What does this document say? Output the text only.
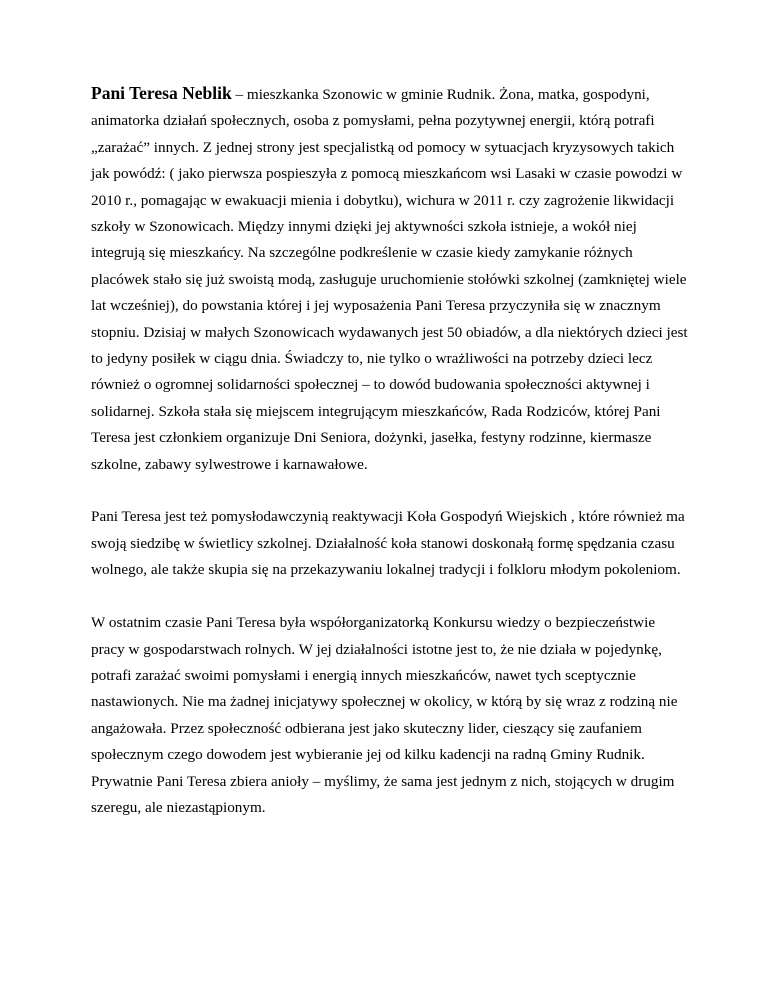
Pani Teresa Neblik – mieszkanka Szonowic w gminie Rudnik. Żona, matka, gospodyni, animatorka działań społecznych, osoba z pomysłami, pełna pozytywnej energii, którą potrafi „zarażać” innych. Z jednej strony jest specjalistką od pomocy w sytuacjach kryzysowych takich jak powódź: ( jako pierwsza pospieszyła z pomocą mieszkańcom wsi Lasaki w czasie powodzi w 2010 r., pomagając w ewakuacji mienia i dobytku), wichura w 2011 r. czy zagrożenie likwidacji szkoły w Szonowicach. Między innymi dzięki jej aktywności szkoła istnieje, a wokół niej integrują się mieszkańcy. Na szczególne podkreślenie w czasie kiedy zamykanie różnych placówek stało się już swoistą modą, zasługuje uruchomienie stołówki szkolnej (zamkniętej wiele lat wcześniej), do powstania której i jej wyposażenia Pani Teresa przyczyniła się w znacznym stopniu. Dzisiaj w małych Szonowicach wydawanych jest 50 obiadów, a dla niektórych dzieci jest to jedyny posiłek w ciągu dnia. Świadczy to, nie tylko o wrażliwości na potrzeby dzieci lecz również o ogromnej solidarności społecznej – to dowód budowania społeczności aktywnej i solidarnej. Szkoła stała się miejscem integrującym mieszkańców, Rada Rodziców, której Pani Teresa jest członkiem organizuje Dni Seniora, dożynki, jasełka, festyny rodzinne, kiermasze szkolne, zabawy sylwestrowe i karnawałowe.

Pani Teresa jest też pomysłodawczynią reaktywacji Koła Gospodyń Wiejskich , które również ma swoją siedzibę w świetlicy szkolnej. Działalność koła stanowi doskonałą formę spędzania czasu wolnego, ale także skupia się na przekazywaniu lokalnej tradycji i folkloru młodym pokoleniom.

W ostatnim czasie Pani Teresa była współorganizatorką Konkursu wiedzy o bezpieczeństwie pracy w gospodarstwach rolnych. W jej działalności istotne jest to, że nie działa w pojedynkę, potrafi zarażać swoimi pomysłami i energią innych mieszkańców, nawet tych sceptycznie nastawionych. Nie ma żadnej inicjatywy społecznej w okolicy, w którą by się wraz z rodziną nie angażowała. Przez społeczność odbierana jest jako skuteczny lider, cieszący się zaufaniem społecznym czego dowodem jest wybieranie jej od kilku kadencji na radną Gminy Rudnik. Prywatnie Pani Teresa zbiera anioły – myślimy, że sama jest jednym z nich, stojących w drugim szeregu, ale niezastąpionym.
